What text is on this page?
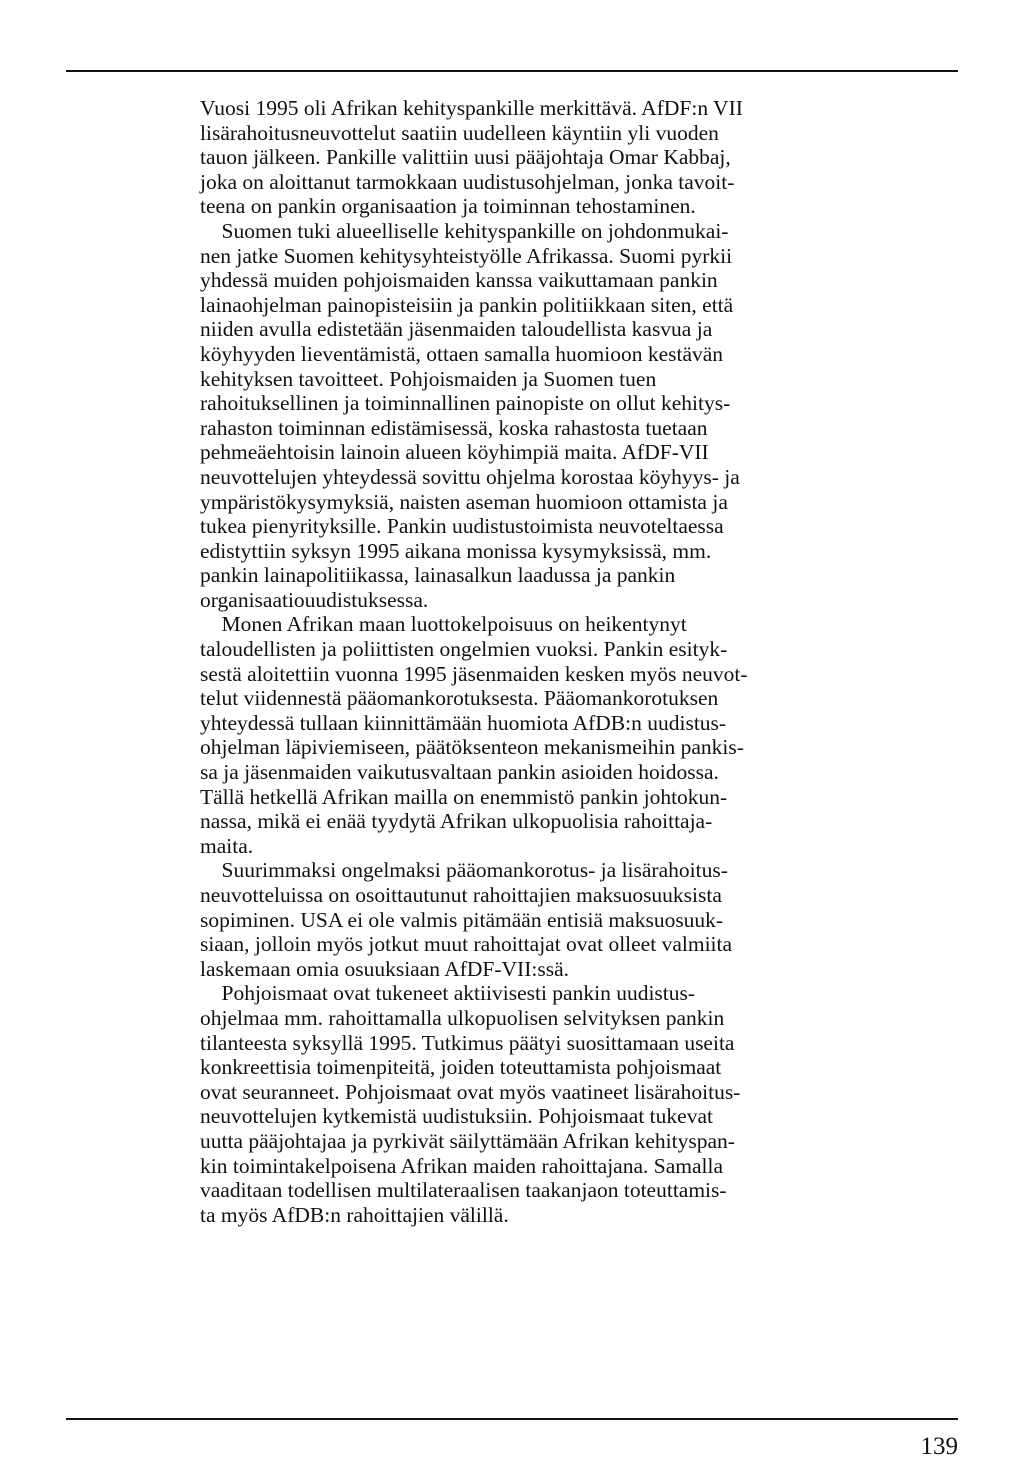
Vuosi 1995 oli Afrikan kehityspankille merkittävä. AfDF:n VII
lisärahoitusneuvottelut saatiin uudelleen käyntiin yli vuoden
tauon jälkeen. Pankille valittiin uusi pääjohtaja Omar Kabbaj,
joka on aloittanut tarmokkaan uudistusohjelman, jonka tavoit-
teena on pankin organisaation ja toiminnan tehostaminen.
Suomen tuki alueelliselle kehityspankille on johdonmukai-
nen jatke Suomen kehitysyhteistyölle Afrikassa. Suomi pyrkii
yhdessä muiden pohjoismaiden kanssa vaikuttamaan pankin
lainaohjelman painopisteisiin ja pankin politiikkaan siten, että
niiden avulla edistetään jäsenmaiden taloudellista kasvua ja
köyhyyden lieventämistä, ottaen samalla huomioon kestävän
kehityksen tavoitteet. Pohjoismaiden ja Suomen tuen
rahoituksellinen ja toiminnallinen painopiste on ollut kehitys-
rahaston toiminnan edistämisessä, koska rahastosta tuetaan
pehmeäehtoisin lainoin alueen köyhimpiä maita. AfDF-VII
neuvottelujen yhteydessä sovittu ohjelma korostaa köyhyys- ja
ympäristökysymyksiä, naisten aseman huomioon ottamista ja
tukea pienyrityksille. Pankin uudistustoimista neuvoteltaessa
edistyttiin syksyn 1995 aikana monissa kysymyksissä, mm.
pankin lainapolitiikassa, lainasalkun laadussa ja pankin
organisaatiouudistuksessa.
Monen Afrikan maan luottokelpoisuus on heikentynyt
taloudellisten ja poliittisten ongelmien vuoksi. Pankin esityk-
sestä aloitettiin vuonna 1995 jäsenmaiden kesken myös neuvot-
telut viidennestä pääomankorotuksesta. Pääomankorotuksen
yhteydessä tullaan kiinnittämään huomiota AfDB:n uudistus-
ohjelman läpiviemiseen, päätöksenteon mekanismeihin pankis-
sa ja jäsenmaiden vaikutusvaltaan pankin asioiden hoidossa.
Tällä hetkellä Afrikan mailla on enemmistö pankin johtokun-
nassa, mikä ei enää tyydytä Afrikan ulkopuolisia rahoittaja-
maita.
Suurimmaksi ongelmaksi pääomankorotus- ja lisärahoitus-
neuvotteluissa on osoittautunut rahoittajien maksuosuuksista
sopiminen. USA ei ole valmis pitämään entisiä maksuosuuk-
siaan, jolloin myös jotkut muut rahoittajat ovat olleet valmiita
laskemaan omia osuuksiaan AfDF-VII:ssä.
Pohjoismaat ovat tukeneet aktiivisesti pankin uudistus-
ohjelmaa mm. rahoittamalla ulkopuolisen selvityksen pankin
tilanteesta syksyllä 1995. Tutkimus päätyi suosittamaan useita
konkreettisia toimenpiteitä, joiden toteuttamista pohjoismaat
ovat seuranneet. Pohjoismaat ovat myös vaatineet lisärahoitus-
neuvottelujen kytkemistä uudistuksiin. Pohjoismaat tukevat
uutta pääjohtajaa ja pyrkivät säilyttämään Afrikan kehityspan-
kin toimintakelpoisena Afrikan maiden rahoittajana. Samalla
vaaditaan todellisen multilateraalisen taakanjaon toteuttamis-
ta myös AfDB:n rahoittajien välillä.
139
